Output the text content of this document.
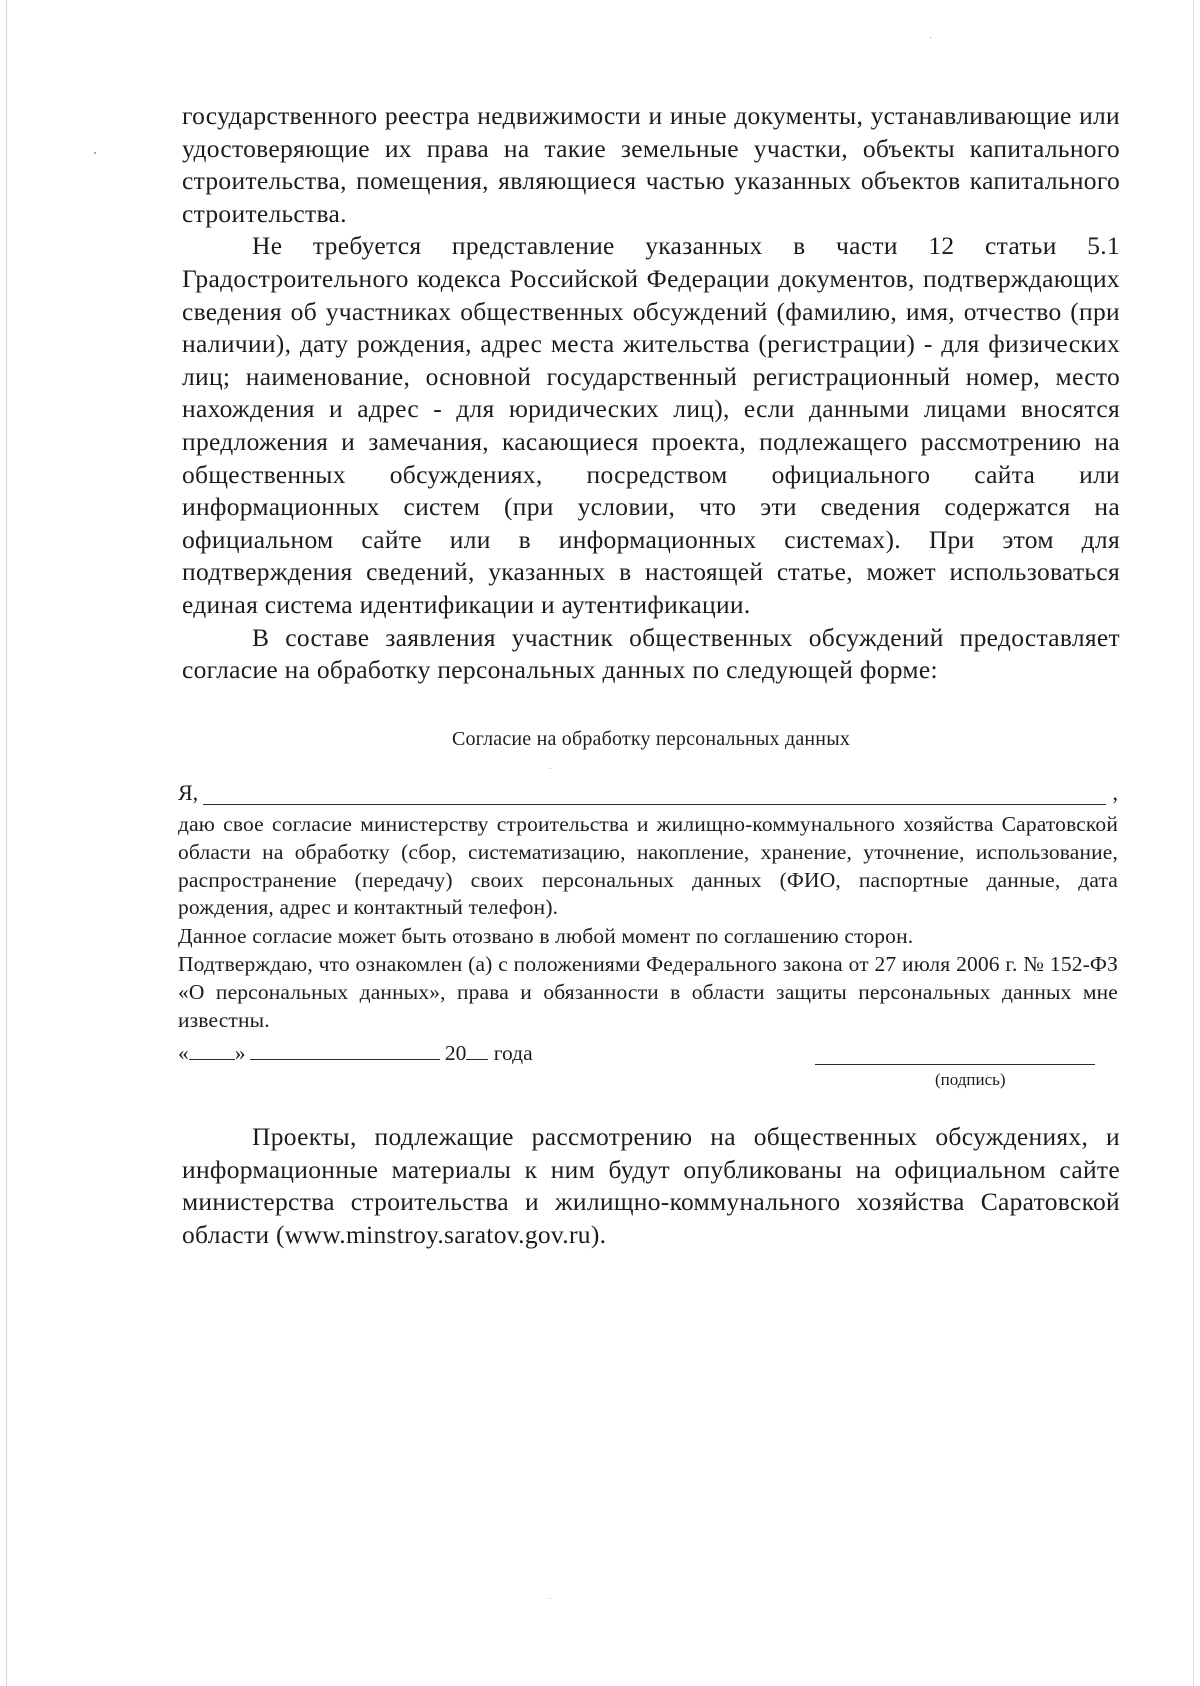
государственного реестра недвижимости и иные документы, устанавливающие или удостоверяющие их права на такие земельные участки, объекты капитального строительства, помещения, являющиеся частью указанных объектов капитального строительства.

Не требуется представление указанных в части 12 статьи 5.1 Градостроительного кодекса Российской Федерации документов, подтверждающих сведения об участниках общественных обсуждений (фамилию, имя, отчество (при наличии), дату рождения, адрес места жительства (регистрации) - для физических лиц; наименование, основной государственный регистрационный номер, место нахождения и адрес - для юридических лиц), если данными лицами вносятся предложения и замечания, касающиеся проекта, подлежащего рассмотрению на общественных обсуждениях, посредством официального сайта или информационных систем (при условии, что эти сведения содержатся на официальном сайте или в информационных системах). При этом для подтверждения сведений, указанных в настоящей статье, может использоваться единая система идентификации и аутентификации.

В составе заявления участник общественных обсуждений предоставляет согласие на обработку персональных данных по следующей форме:

Согласие на обработку персональных данных
Я,	,

даю свое согласие министерству строительства и жилищно-коммунального хозяйства Саратовской области на обработку (сбор, систематизацию, накопление, хранение, уточнение, использование, распространение (передачу) своих персональных данных (ФИО, паспортные данные, дата рождения, адрес и контактный телефон).

Данное согласие может быть отозвано в любой момент по соглашению сторон.

Подтверждаю, что ознакомлен (а) с положениями Федерального закона от 27 июля 2006 г. № 152-ФЗ «О персональных данных», права и обязанности в области защиты персональных данных мне известны.

« »	20 года
(подпись)

Проекты, подлежащие рассмотрению на общественных обсуждениях, и информационные материалы к ним будут опубликованы на официальном сайте министерства строительства и жилищно-коммунального хозяйства Саратовской области (www.minstroy.saratov.gov.ru).
